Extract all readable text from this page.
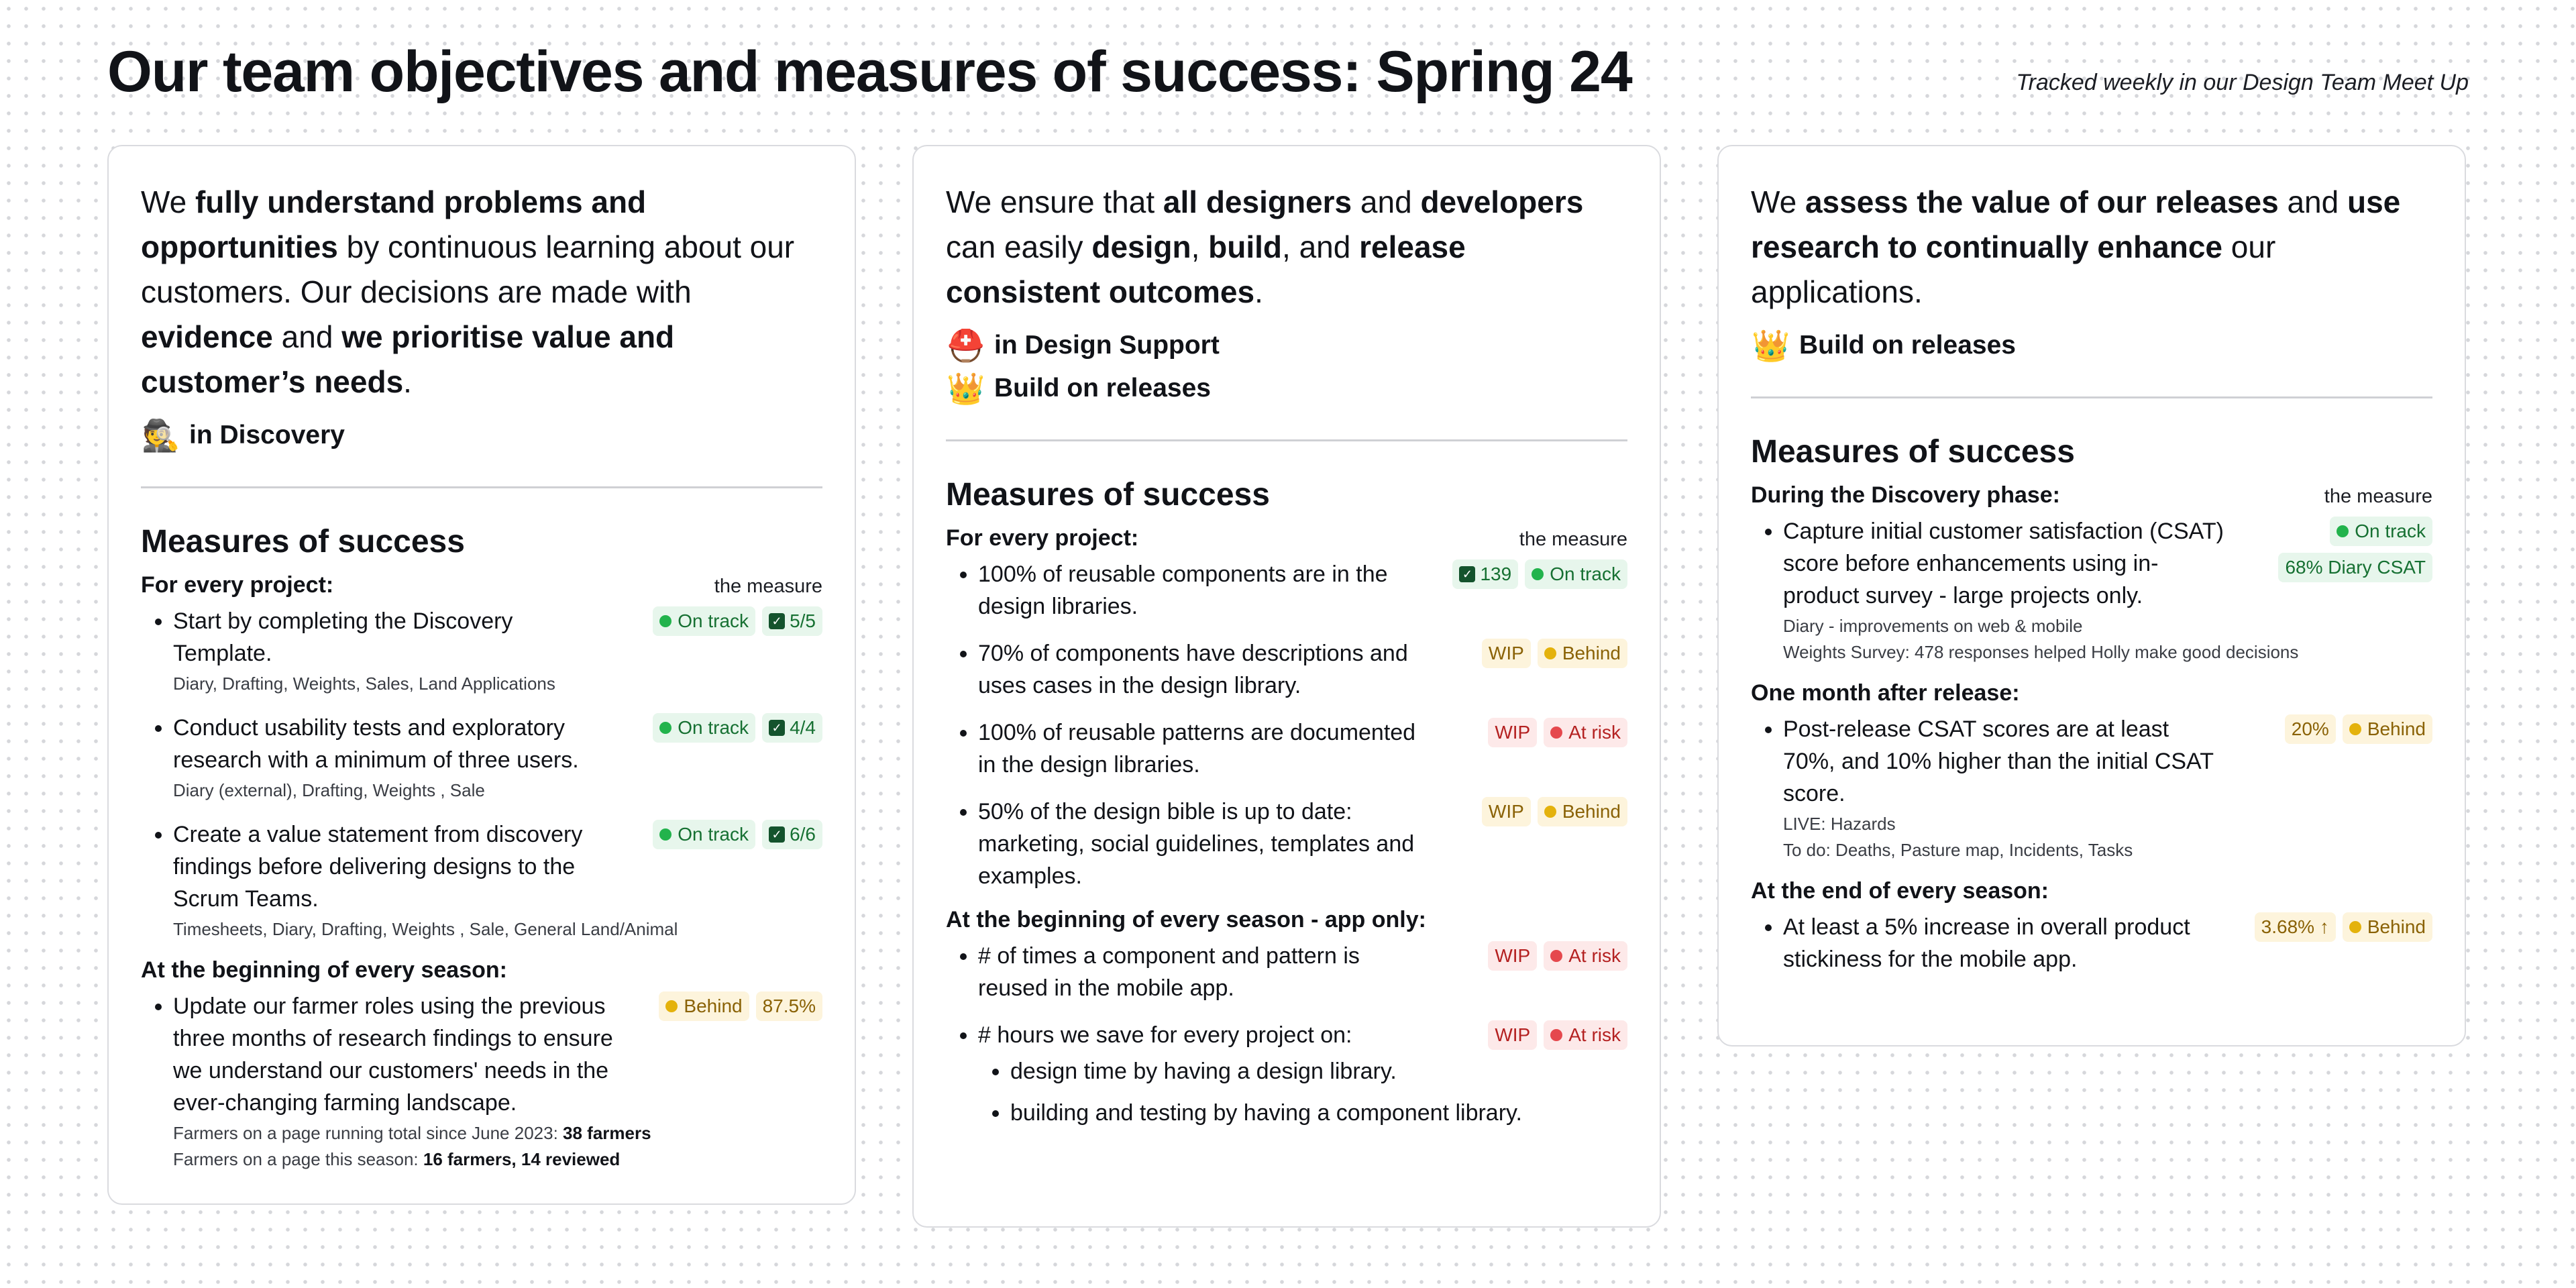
Our team objectives and measures of success: Spring 24	Tracked weekly in our Design Team Meet Up

We fully understand problems and opportunities by continuous learning about our customers. Our decisions are made with evidence and we prioritise value and customer’s needs.

🕵️ in Discovery
Measures of success
For every project:	the measure
• Start by completing the Discovery Template.
On track ✓ 5/5
Diary, Drafting, Weights, Sales, Land Applications
• Conduct usability tests and exploratory research with a minimum of three users.
On track ✓ 4/4
Diary (external), Drafting, Weights , Sale
• Create a value statement from discovery findings before delivering designs to the Scrum Teams.
On track ✓ 6/6
Timesheets, Diary, Drafting, Weights , Sale, General Land/Animal
At the beginning of every season:
• Update our farmer roles using the previous three months of research findings to ensure we understand our customers' needs in the ever-changing farming landscape.
Behind 87.5%
Farmers on a page running total since June 2023: 38 farmers
Farmers on a page this season: 16 farmers, 14 reviewed

We ensure that all designers and developers can easily design, build, and release consistent outcomes.

⛑️ in Design Support
👑 Build on releases
Measures of success
For every project:	the measure
• 100% of reusable components are in the design libraries.
✓ 139 On track
• 70% of components have descriptions and uses cases in the design library.
WIP Behind
• 100% of reusable patterns are documented in the design libraries.
WIP At risk
• 50% of the design bible is up to date: marketing, social guidelines, templates and examples.
WIP Behind
At the beginning of every season - app only:
• # of times a component and pattern is reused in the mobile app.
WIP At risk
• # hours we save for every project on:	WIP At risk
• design time by having a design library.
• building and testing by having a component library.

We assess the value of our releases and use research to continually enhance our applications.

👑 Build on releases
Measures of success
During the Discovery phase:	the measure
• Capture initial customer satisfaction (CSAT) score before enhancements using in-product survey - large projects only.
On track
68% Diary CSAT
Diary - improvements on web & mobile
Weights Survey: 478 responses helped Holly make good decisions
One month after release:
• Post-release CSAT scores are at least 70%, and 10% higher than the initial CSAT score.
20% Behind
LIVE: Hazards
To do: Deaths, Pasture map, Incidents, Tasks
At the end of every season:
• At least a 5% increase in overall product stickiness for the mobile app.
3.68% ↑ Behind
